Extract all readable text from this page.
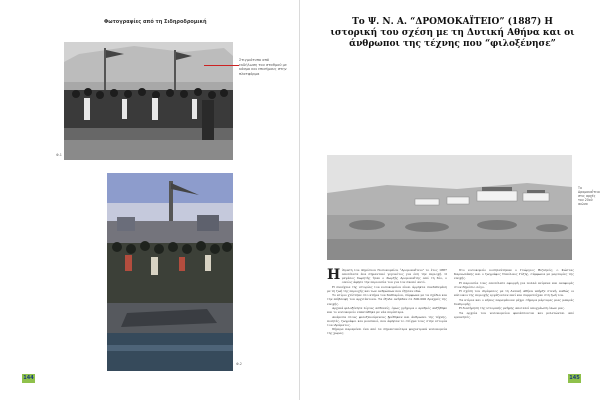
Φωτογραφίες από τη Σιδηροδρομική
Στιγμιότυπο από εκδήλωση του σταθμού με κόσμο και επισήμους στην πλατφόρμα
Φ.1
Φ.2
144
Το Ψ. Ν. Α. “ΔΡΟΜΟΚΑΪΤΕΙΟ” (1887) Η ιστορική του σχέση με τη Δυτική Αθήνα και οι άνθρωποι της τέχνης που “φιλοξένησε”
Το Δρομοκαΐτειο στις αρχές του 20ού αιώνα
Η ίδρυση του Δημόσιου Νοσοκομείου “Δρομοκαΐτειο” το έτος 1887 αποτέλεσε ένα σημαντικό γεγονότος για όλη την περιοχή. Ο μεγάλος δωρητής ήταν ο Ζωρζής Δρομοκαΐτης από τη Χίο, ο οποίος άφησε την περιουσία του για τον σκοπό αυτό.

Η συνέχεια της ιστορίας του νοσοκομείου είναι άρρηκτα συνδεδεμένη με τη ζωή της περιοχής και των ανθρώπων που έζησαν εδώ.

Το κτίριο χτίστηκε στο κτήμα του Χαϊδαρίου, σύμφωνα με τα σχέδια και την επίβλεψη του αρχιτέκτονα. Τα έξοδα ανήλθαν σε 300.000 δραχμές της εποχής.

Αρχικά φιλοξένησε λίγους ασθενείς, όμως γρήγορα ο αριθμός αυξήθηκε και το νοσοκομείο επεκτάθηκε με νέα περίπτερα.

Ανάμεσα στους φιλοξενούμενους βρέθηκαν και άνθρωποι της τέχνης, ποιητές, ζωγράφοι και μουσικοί, που άφησαν το στίγμα τους στην ιστορία του ιδρύματος.

Σήμερα παραμένει ένα από τα σημαντικότερα ψυχιατρικά νοσοκομεία της χώρας.

Στο νοσοκομείο νοσηλεύτηκαν ο Γεώργιος Βιζυηνός, ο Κώστας Καρυωτάκης και ο ζωγράφος Νικόλαος Γύζης, σύμφωνα με μαρτυρίες της εποχής.

Η παρουσία τους αποτέλεσε αφορμή για πολλά κείμενα και αναφορές στον δημόσιο λόγο.

Η σχέση του ιδρύματος με τη Δυτική Αθήνα υπήρξε στενή, καθώς οι κάτοικοι της περιοχής εργάζονταν εκεί και συμμετείχαν στη ζωή του.

Τα κτίρια και ο κήπος παραμένουν μέχρι σήμερα μάρτυρες μιας μακράς διαδρομής.

Η διατήρηση της ιστορικής μνήμης αποτελεί υποχρέωση όλων μας.

Τα αρχεία του νοσοκομείου φυλάσσονται και μελετώνται από ερευνητές.

145
